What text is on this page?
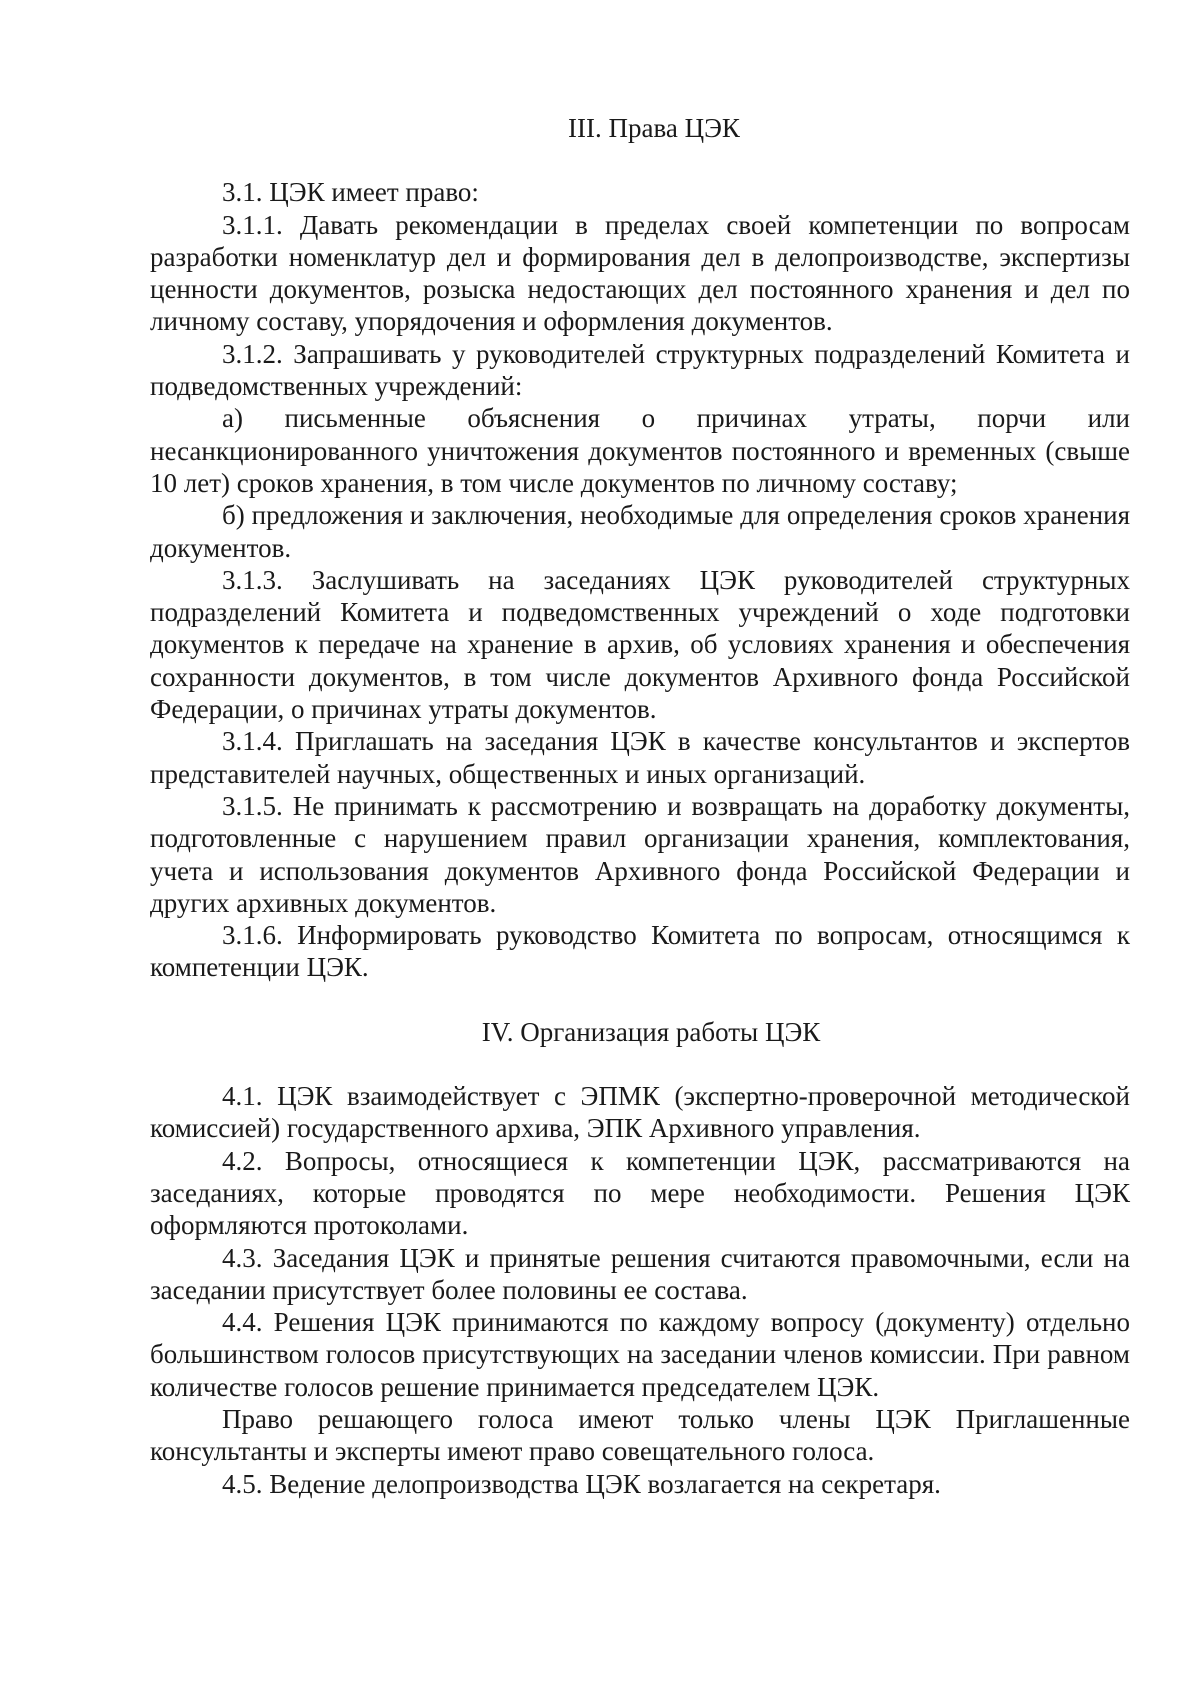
III. Права ЦЭК

3.1. ЦЭК имеет право:

3.1.1. Давать рекомендации в пределах своей компетенции по вопросам разработки номенклатур дел и формирования дел в делопроизводстве, экспертизы ценности документов, розыска недостающих дел постоянного хранения и дел по личному составу, упорядочения и оформления документов.

3.1.2. Запрашивать у руководителей структурных подразделений Комитета и подведомственных учреждений:

а) письменные объяснения о причинах утраты, порчи или несанкционированного уничтожения документов постоянного и временных (свыше 10 лет) сроков хранения, в том числе документов по личному составу;

б) предложения и заключения, необходимые для определения сроков хранения документов.

3.1.3. Заслушивать на заседаниях ЦЭК руководителей структурных подразделений Комитета и подведомственных учреждений о ходе подготовки документов к передаче на хранение в архив, об условиях хранения и обеспечения сохранности документов, в том числе документов Архивного фонда Российской Федерации, о причинах утраты документов.

3.1.4. Приглашать на заседания ЦЭК в качестве консультантов и экспертов представителей научных, общественных и иных организаций.

3.1.5. Не принимать к рассмотрению и возвращать на доработку документы, подготовленные с нарушением правил организации хранения, комплектования, учета и использования документов Архивного фонда Российской Федерации и других архивных документов.

3.1.6. Информировать руководство Комитета по вопросам, относящимся к компетенции ЦЭК.

IV. Организация работы ЦЭК

4.1. ЦЭК взаимодействует с ЭПМК (экспертно-проверочной методической комиссией) государственного архива, ЭПК Архивного управления.

4.2. Вопросы, относящиеся к компетенции ЦЭК, рассматриваются на заседаниях, которые проводятся по мере необходимости. Решения ЦЭК оформляются протоколами.

4.3. Заседания ЦЭК и принятые решения считаются правомочными, если на заседании присутствует более половины ее состава.

4.4. Решения ЦЭК принимаются по каждому вопросу (документу) отдельно большинством голосов присутствующих на заседании членов комиссии. При равном количестве голосов решение принимается председателем ЦЭК.

Право решающего голоса имеют только члены ЦЭК Приглашенные консультанты и эксперты имеют право совещательного голоса.

4.5. Ведение делопроизводства ЦЭК возлагается на секретаря.
